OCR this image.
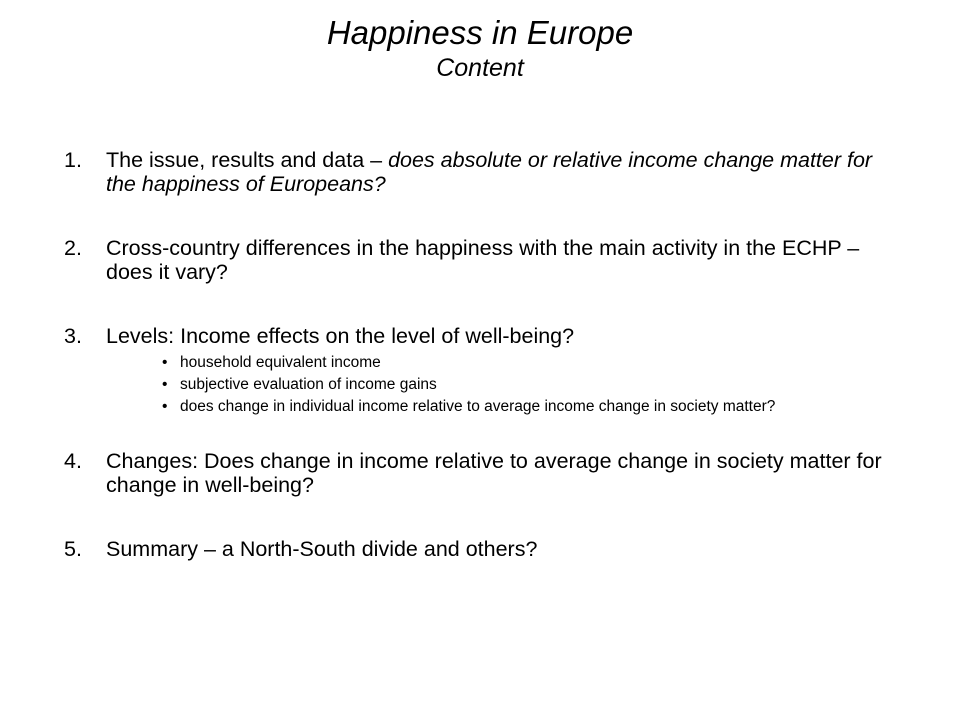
Happiness in Europe
Content
1. The issue, results and data – does absolute or relative income change matter for the happiness of Europeans?
2. Cross-country differences in the happiness with the main activity in the ECHP – does it vary?
3. Levels: Income effects on the level of well-being?
• household equivalent income
• subjective evaluation of income gains
• does change in individual income relative to average income change in society matter?
4. Changes: Does change in income relative to average change in society matter for change in well-being?
5. Summary – a North-South divide and others?
